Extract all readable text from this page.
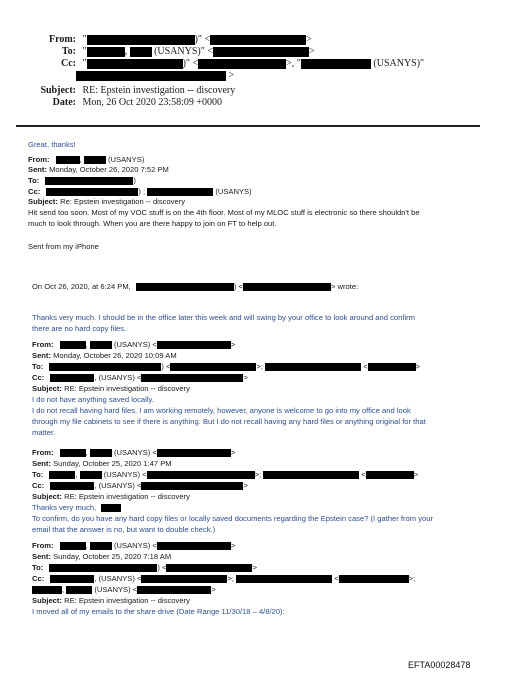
From: "	)" <	>
To: "	,  (USANYS)" <	>
Cc: "	)" <	>, "	(USANYS)"
>
Subject: RE: Epstein investigation -- discovery
Date: Mon, 26 Oct 2020 23:58:09 +0000
Great, thanks!
From:	,	(USANYS)
Sent: Monday, October 26, 2020 7:52 PM
To:	)
Cc:	) ;	(USANYS)
Subject: Re: Epstein investigation -- discovery
Hit send too soon. Most of my VOC stuff is on the 4th floor. Most of my MLOC stuff is electronic so there shouldn't be
much to look through. When you are there happy to join on FT to help out.
Sent from my iPhone
On Oct 26, 2020, at 6:24 PM,	) <	> wrote:
Thanks very much. I should be in the office later this week and will swing by your office to look around and confirm
there are no hard copy files.
From:	,	(USANYS) <	>
Sent: Monday, October 26, 2020 10:09 AM
To:	) <	>;	<	>
Cc:	, (USANYS) <	>
Subject: RE: Epstein investigation -- discovery
I do not have anything saved locally.
I do not recall having hard files. I am working remotely, however, anyone is welcome to go into my office and look
through my file cabinets to see if there is anything. But I do not recall having any hard files or anything original for that
matter.
From:	,	(USANYS) <	>
Sent: Sunday, October 25, 2020 1:47 PM
To:	,	(USANYS) <	>;	<	>
Cc:	, (USANYS) <	>
Subject: RE: Epstein investigation -- discovery
Thanks very much,
To confirm, do you have any hard copy files or locally saved documents regarding the Epstein case? (I gather from your
email that the answer is no, but want to double check.)
From:	,	(USANYS) <	>
Sent: Sunday, October 25, 2020 7:18 AM
To:	) <	>
Cc:	, (USANYS) <	>;	<	>;
,	(USANYS) <	>
Subject: RE: Epstein investigation -- discovery
I moved all of my emails to the share drive (Date Range 11/30/18 – 4/8/20):
EFTA00028478
